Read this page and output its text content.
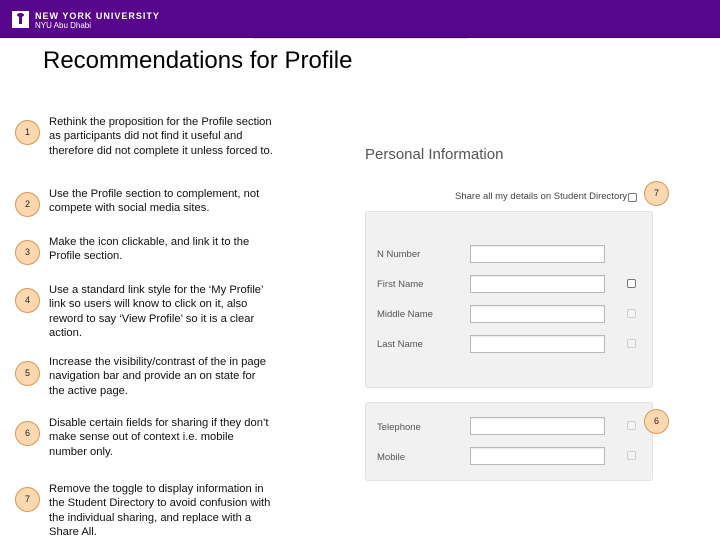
NEW YORK UNIVERSITY
NYU Abu Dhabi
Recommendations for Profile
1
Rethink the proposition for the Profile section as participants did not find it useful and therefore did not complete it unless forced to.
2
Use the Profile section to complement, not compete with social media sites.
3
Make the icon clickable, and link it to the Profile section.
4
Use a standard link style for the ‘My Profile’ link so users will know to click on it, also reword to say ‘View Profile’ so it is a clear action.
5
Increase the visibility/contrast of the in page navigation bar and provide an on state for the active page.
6
Disable certain fields for sharing if they don’t make sense out of context i.e. mobile number only.
7
Remove the toggle to display information in the Student Directory to avoid confusion with the individual sharing, and replace with a Share All.
Personal Information
Share all my details on Student Directory	7
N Number
First Name
Middle Name
Last Name
Telephone
6
Mobile
